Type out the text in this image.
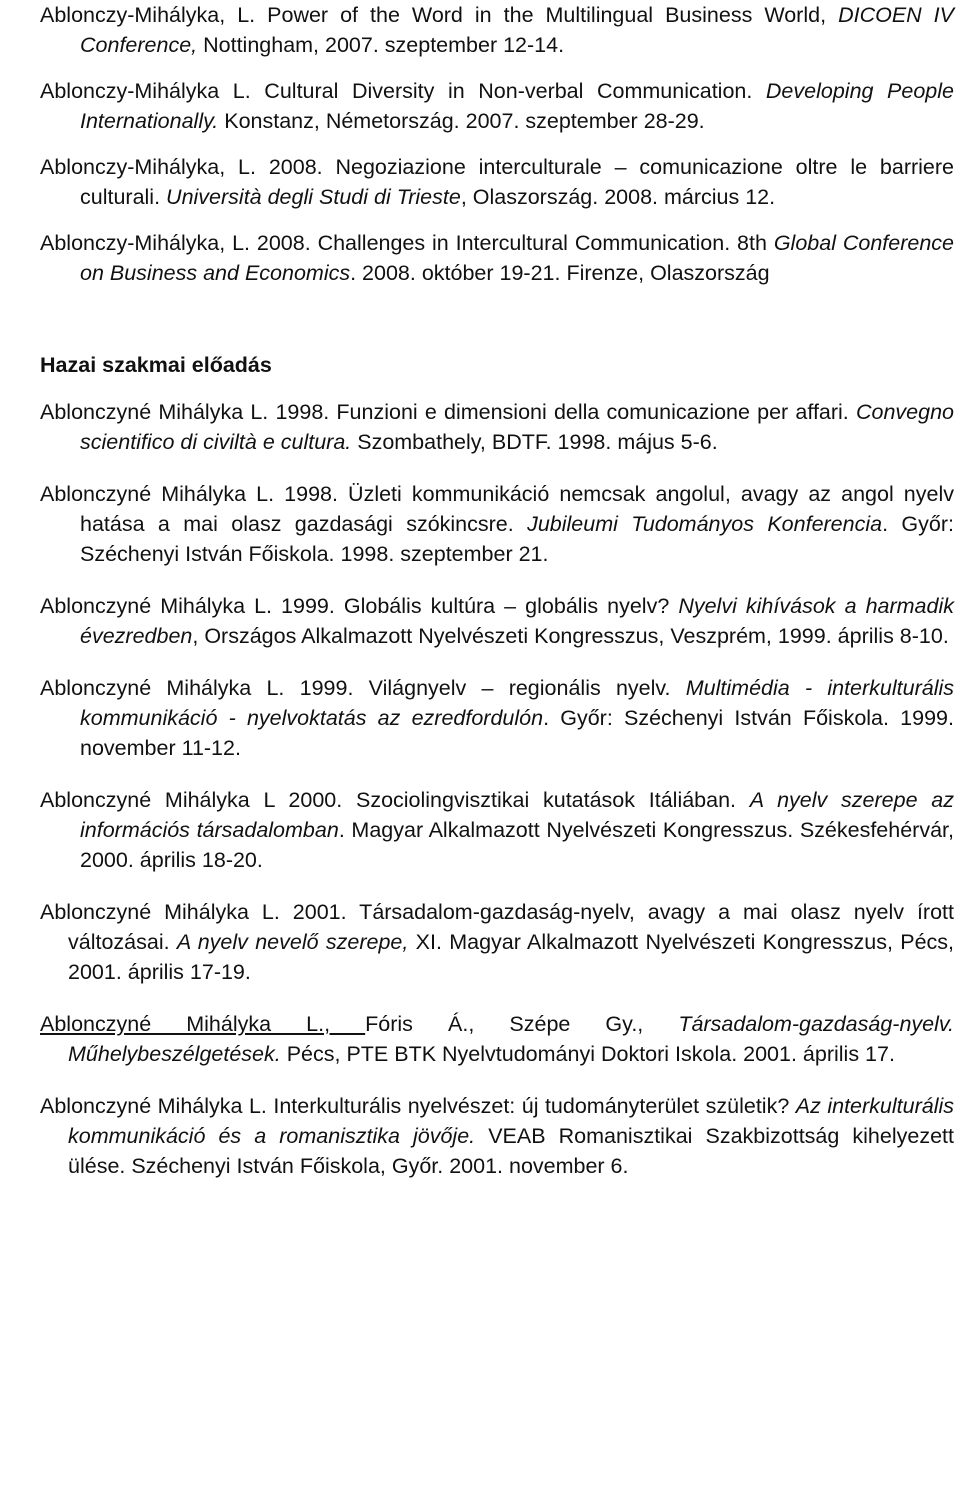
Ablonczy-Mihályka, L. Power of the Word in the Multilingual Business World, DICOEN IV Conference, Nottingham, 2007. szeptember 12-14.
Ablonczy-Mihályka L. Cultural Diversity in Non-verbal Communication. Developing People Internationally. Konstanz, Németország. 2007. szeptember 28-29.
Ablonczy-Mihályka, L. 2008. Negoziazione interculturale – comunicazione oltre le barriere culturali. Università degli Studi di Trieste, Olaszország. 2008. március 12.
Ablonczy-Mihályka, L. 2008. Challenges in Intercultural Communication. 8th Global Conference on Business and Economics. 2008. október 19-21. Firenze, Olaszország
Hazai szakmai előadás
Ablonczyné Mihályka L. 1998. Funzioni e dimensioni della comunicazione per affari. Convegno scientifico di civiltà e cultura. Szombathely, BDTF. 1998. május 5-6.
Ablonczyné Mihályka L. 1998. Üzleti kommunikáció nemcsak angolul, avagy az angol nyelv hatása a mai olasz gazdasági szókincsre. Jubileumi Tudományos Konferencia. Győr: Széchenyi István Főiskola. 1998. szeptember 21.
Ablonczyné Mihályka L. 1999. Globális kultúra – globális nyelv? Nyelvi kihívások a harmadik évezredben, Országos Alkalmazott Nyelvészeti Kongresszus, Veszprém, 1999. április 8-10.
Ablonczyné Mihályka L. 1999. Világnyelv – regionális nyelv. Multimédia - interkulturális kommunikáció - nyelvoktatás az ezredfordulón. Győr: Széchenyi István Főiskola. 1999. november 11-12.
Ablonczyné Mihályka L 2000. Szociolingvisztikai kutatások Itáliában. A nyelv szerepe az információs társadalomban. Magyar Alkalmazott Nyelvészeti Kongresszus. Székesfehérvár, 2000. április 18-20.
Ablonczyné Mihályka L. 2001. Társadalom-gazdaság-nyelv, avagy a mai olasz nyelv írott változásai. A nyelv nevelő szerepe, XI. Magyar Alkalmazott Nyelvészeti Kongresszus, Pécs, 2001. április 17-19.
Ablonczyné Mihályka L., Fóris Á., Szépe Gy., Társadalom-gazdaság-nyelv. Műhelybeszélgetések. Pécs, PTE BTK Nyelvtudományi Doktori Iskola. 2001. április 17.
Ablonczyné Mihályka L. Interkulturális nyelvészet: új tudományterület születik? Az interkulturális kommunikáció és a romanisztika jövője. VEAB Romanisztikai Szakbizottság kihelyezett ülése. Széchenyi István Főiskola, Győr. 2001. november 6.
